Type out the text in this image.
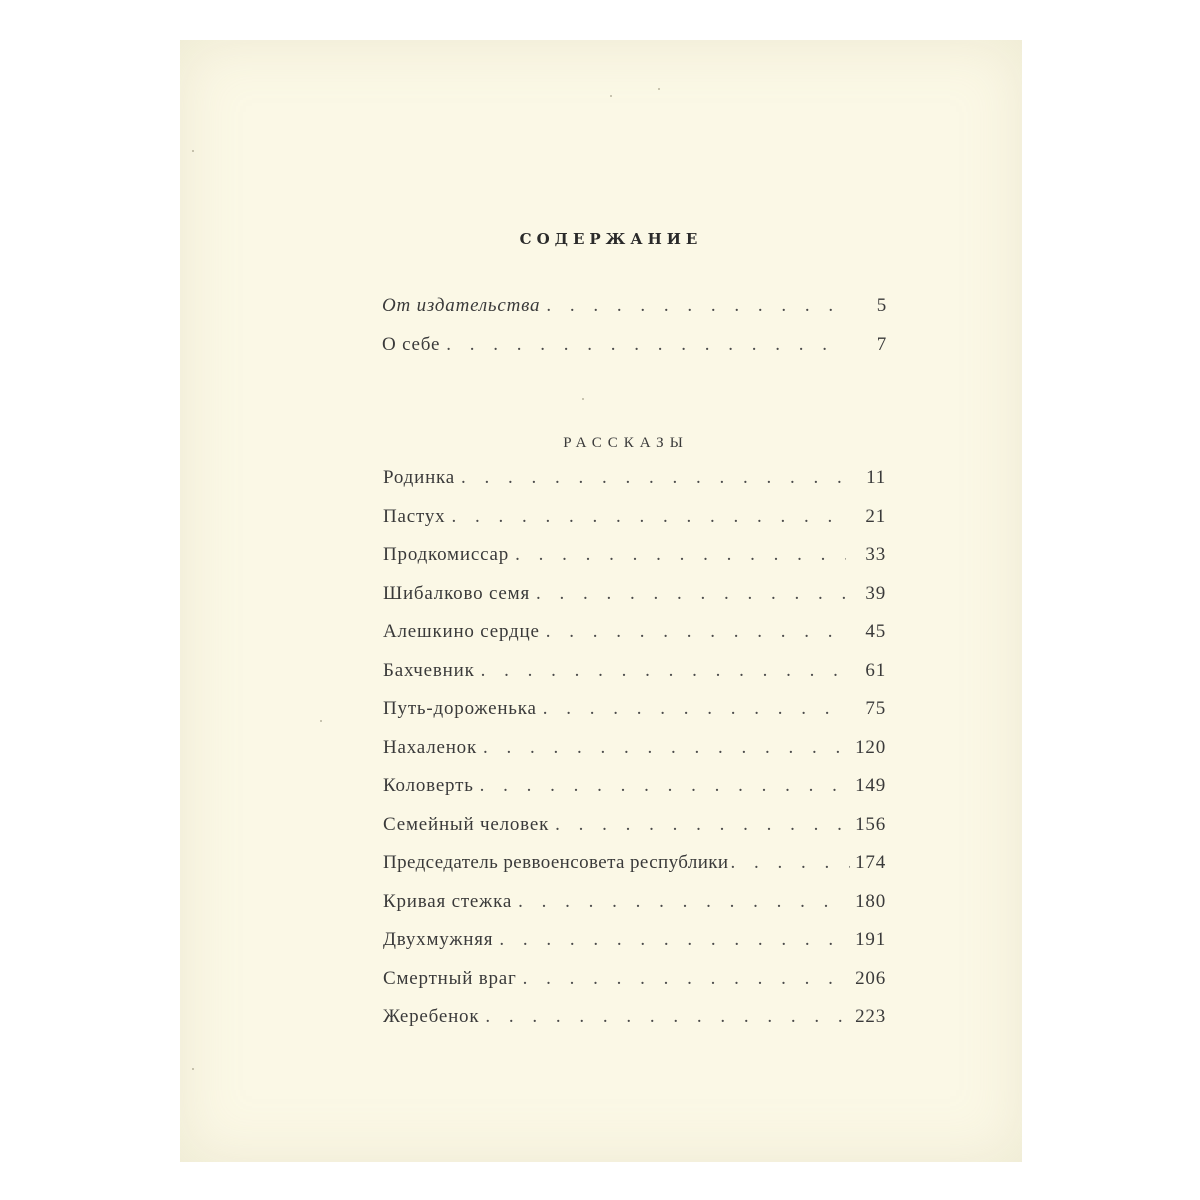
СОДЕРЖАНИЕ
От издательства . . .	5
О себе . . .	7
РАССКАЗЫ
Родинка . . .	11
Пастух . . .	21
Продкомиссар . . .	33
Шибалково семя . . .	39
Алешкино сердце . . .	45
Бахчевник . . .	61
Путь-дороженька . . .	75
Нахаленок . . .	120
Коловерть . . .	149
Семейный человек . . .	156
Председатель реввоенсовета республики . . .	174
Кривая стежка . . .	180
Двухмужняя . . .	191
Смертный враг . . .	206
Жеребенок . . .	223
